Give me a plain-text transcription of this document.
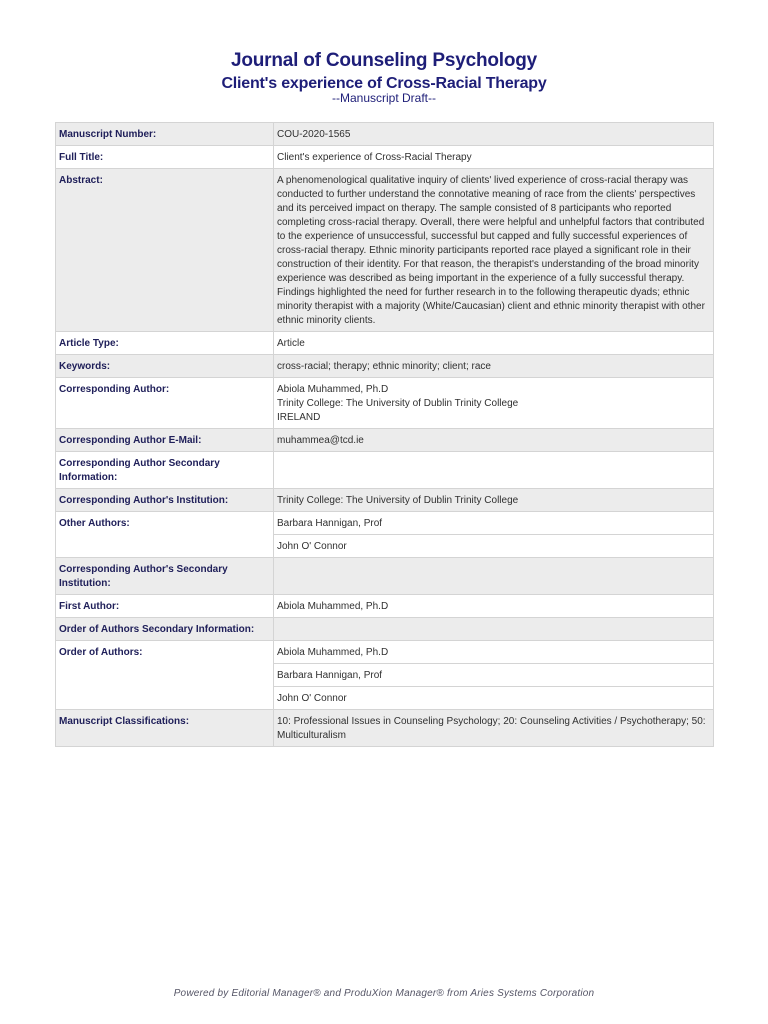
Journal of Counseling Psychology
Client's experience of Cross-Racial Therapy
--Manuscript Draft--
Manuscript Number:	COU-2020-1565
Full Title:	Client's experience of Cross-Racial Therapy
Abstract:	A phenomenological qualitative inquiry of clients' lived experience of cross-racial therapy was conducted to further understand the connotative meaning of race from the clients' perspectives and its perceived impact on therapy. The sample consisted of 8 participants who reported completing cross-racial therapy. Overall, there were helpful and unhelpful factors that contributed to the experience of unsuccessful, successful but capped and fully successful experiences of cross-racial therapy. Ethnic minority participants reported race played a significant role in their construction of their identity. For that reason, the therapist's understanding of the broad minority experience was described as being important in the experience of a fully successful therapy. Findings highlighted the need for further research in to the following therapeutic dyads; ethnic minority therapist with a majority (White/Caucasian) client and ethnic minority therapist with other ethnic minority clients.
Article Type:	Article
Keywords:	cross-racial; therapy; ethnic minority; client; race
Corresponding Author:	Abiola Muhammed, Ph.D
Trinity College: The University of Dublin Trinity College
IRELAND

Corresponding Author E-Mail:	muhammea@tcd.ie
Corresponding Author Secondary Information:	
Corresponding Author's Institution:	Trinity College: The University of Dublin Trinity College
Other Authors:	Barbara Hannigan, Prof
	John O' Connor
Corresponding Author's Secondary Institution:	
First Author:	Abiola Muhammed, Ph.D
Order of Authors Secondary Information:	
Order of Authors:	Abiola Muhammed, Ph.D
	Barbara Hannigan, Prof
	John O' Connor
Manuscript Classifications:	10: Professional Issues in Counseling Psychology; 20: Counseling Activities / Psychotherapy; 50: Multiculturalism
Powered by Editorial Manager® and ProduXion Manager® from Aries Systems Corporation
